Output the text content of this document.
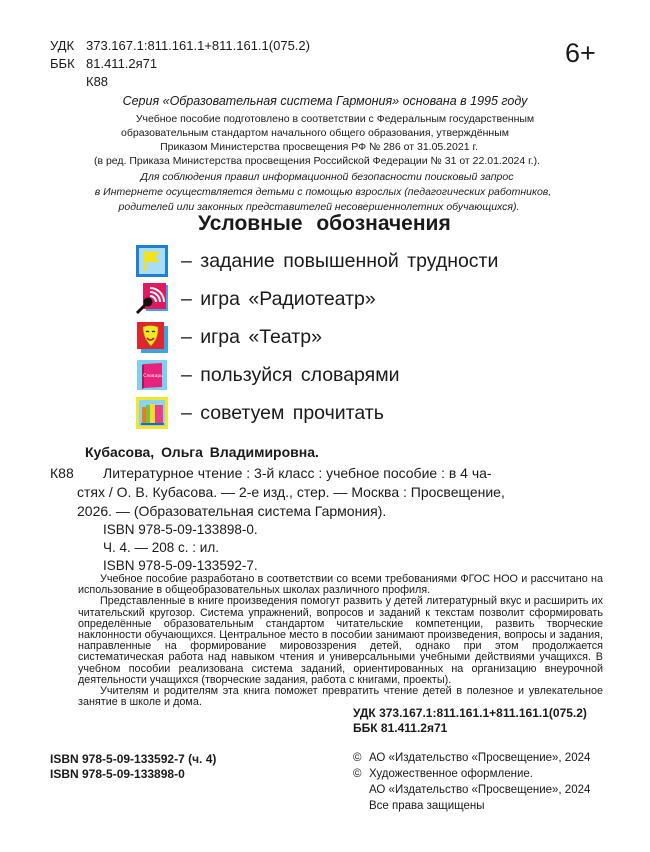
УДК 373.167.1:811.161.1+811.161.1(075.2)
ББК 81.411.2я71
К88
6+
Серия «Образовательная система Гармония» основана в 1995 году
Учебное пособие подготовлено в соответствии с Федеральным государственным
образовательным стандартом начального общего образования, утверждённым
Приказом Министерства просвещения РФ № 286 от 31.05.2021 г.
(в ред. Приказа Министерства просвещения Российской Федерации № 31 от 22.01.2024 г.).
Для соблюдения правил информационной безопасности поисковый запрос
в Интернете осуществляется детьми с помощью взрослых (педагогических работников,
родителей или законных представителей несовершеннолетних обучающихся).
Условные обозначения
– задание повышенной трудности
– игра «Радиотеатр»
– игра «Театр»
Словарь – пользуйся словарями
– советуем прочитать
Кубасова, Ольга Владимировна.
К88 Литературное чтение : 3-й класс : учебное пособие : в 4 ча-
стях / О. В. Кубасова. — 2-е изд., стер. — Москва : Просвещение,
2026. — (Образовательная система Гармония).
ISBN 978-5-09-133898-0.
Ч. 4. — 208 с. : ил.
ISBN 978-5-09-133592-7.

Учебное пособие разработано в соответствии со всеми требованиями ФГОС НОО и рассчитано на использование в общеобразовательных школах различного профиля.

Представленные в книге произведения помогут развить у детей литературный вкус и расширить их читательский кругозор. Система упражнений, вопросов и заданий к текстам позволит сформировать определённые образовательным стандартом читательские компетенции, развить творческие наклонности обучающихся. Центральное место в пособии занимают произведения, вопросы и задания, направленные на формирование мировоззрения детей, однако при этом продолжается систематическая работа над навыком чтения и универсальными учебными действиями учащихся. В учебном пособии реализована система заданий, ориентированных на организацию внеурочной деятельности учащихся (творческие задания, работа с книгами, проекты).

Учителям и родителям эта книга поможет превратить чтение детей в полезное и увлекательное занятие в школе и дома.

УДК 373.167.1:811.161.1+811.161.1(075.2)
ББК 81.411.2я71
ISBN 978-5-09-133592-7 (ч. 4)
ISBN 978-5-09-133898-0
© АО «Издательство «Просвещение», 2024
© Художественное оформление.
АО «Издательство «Просвещение», 2024
Все права защищены
